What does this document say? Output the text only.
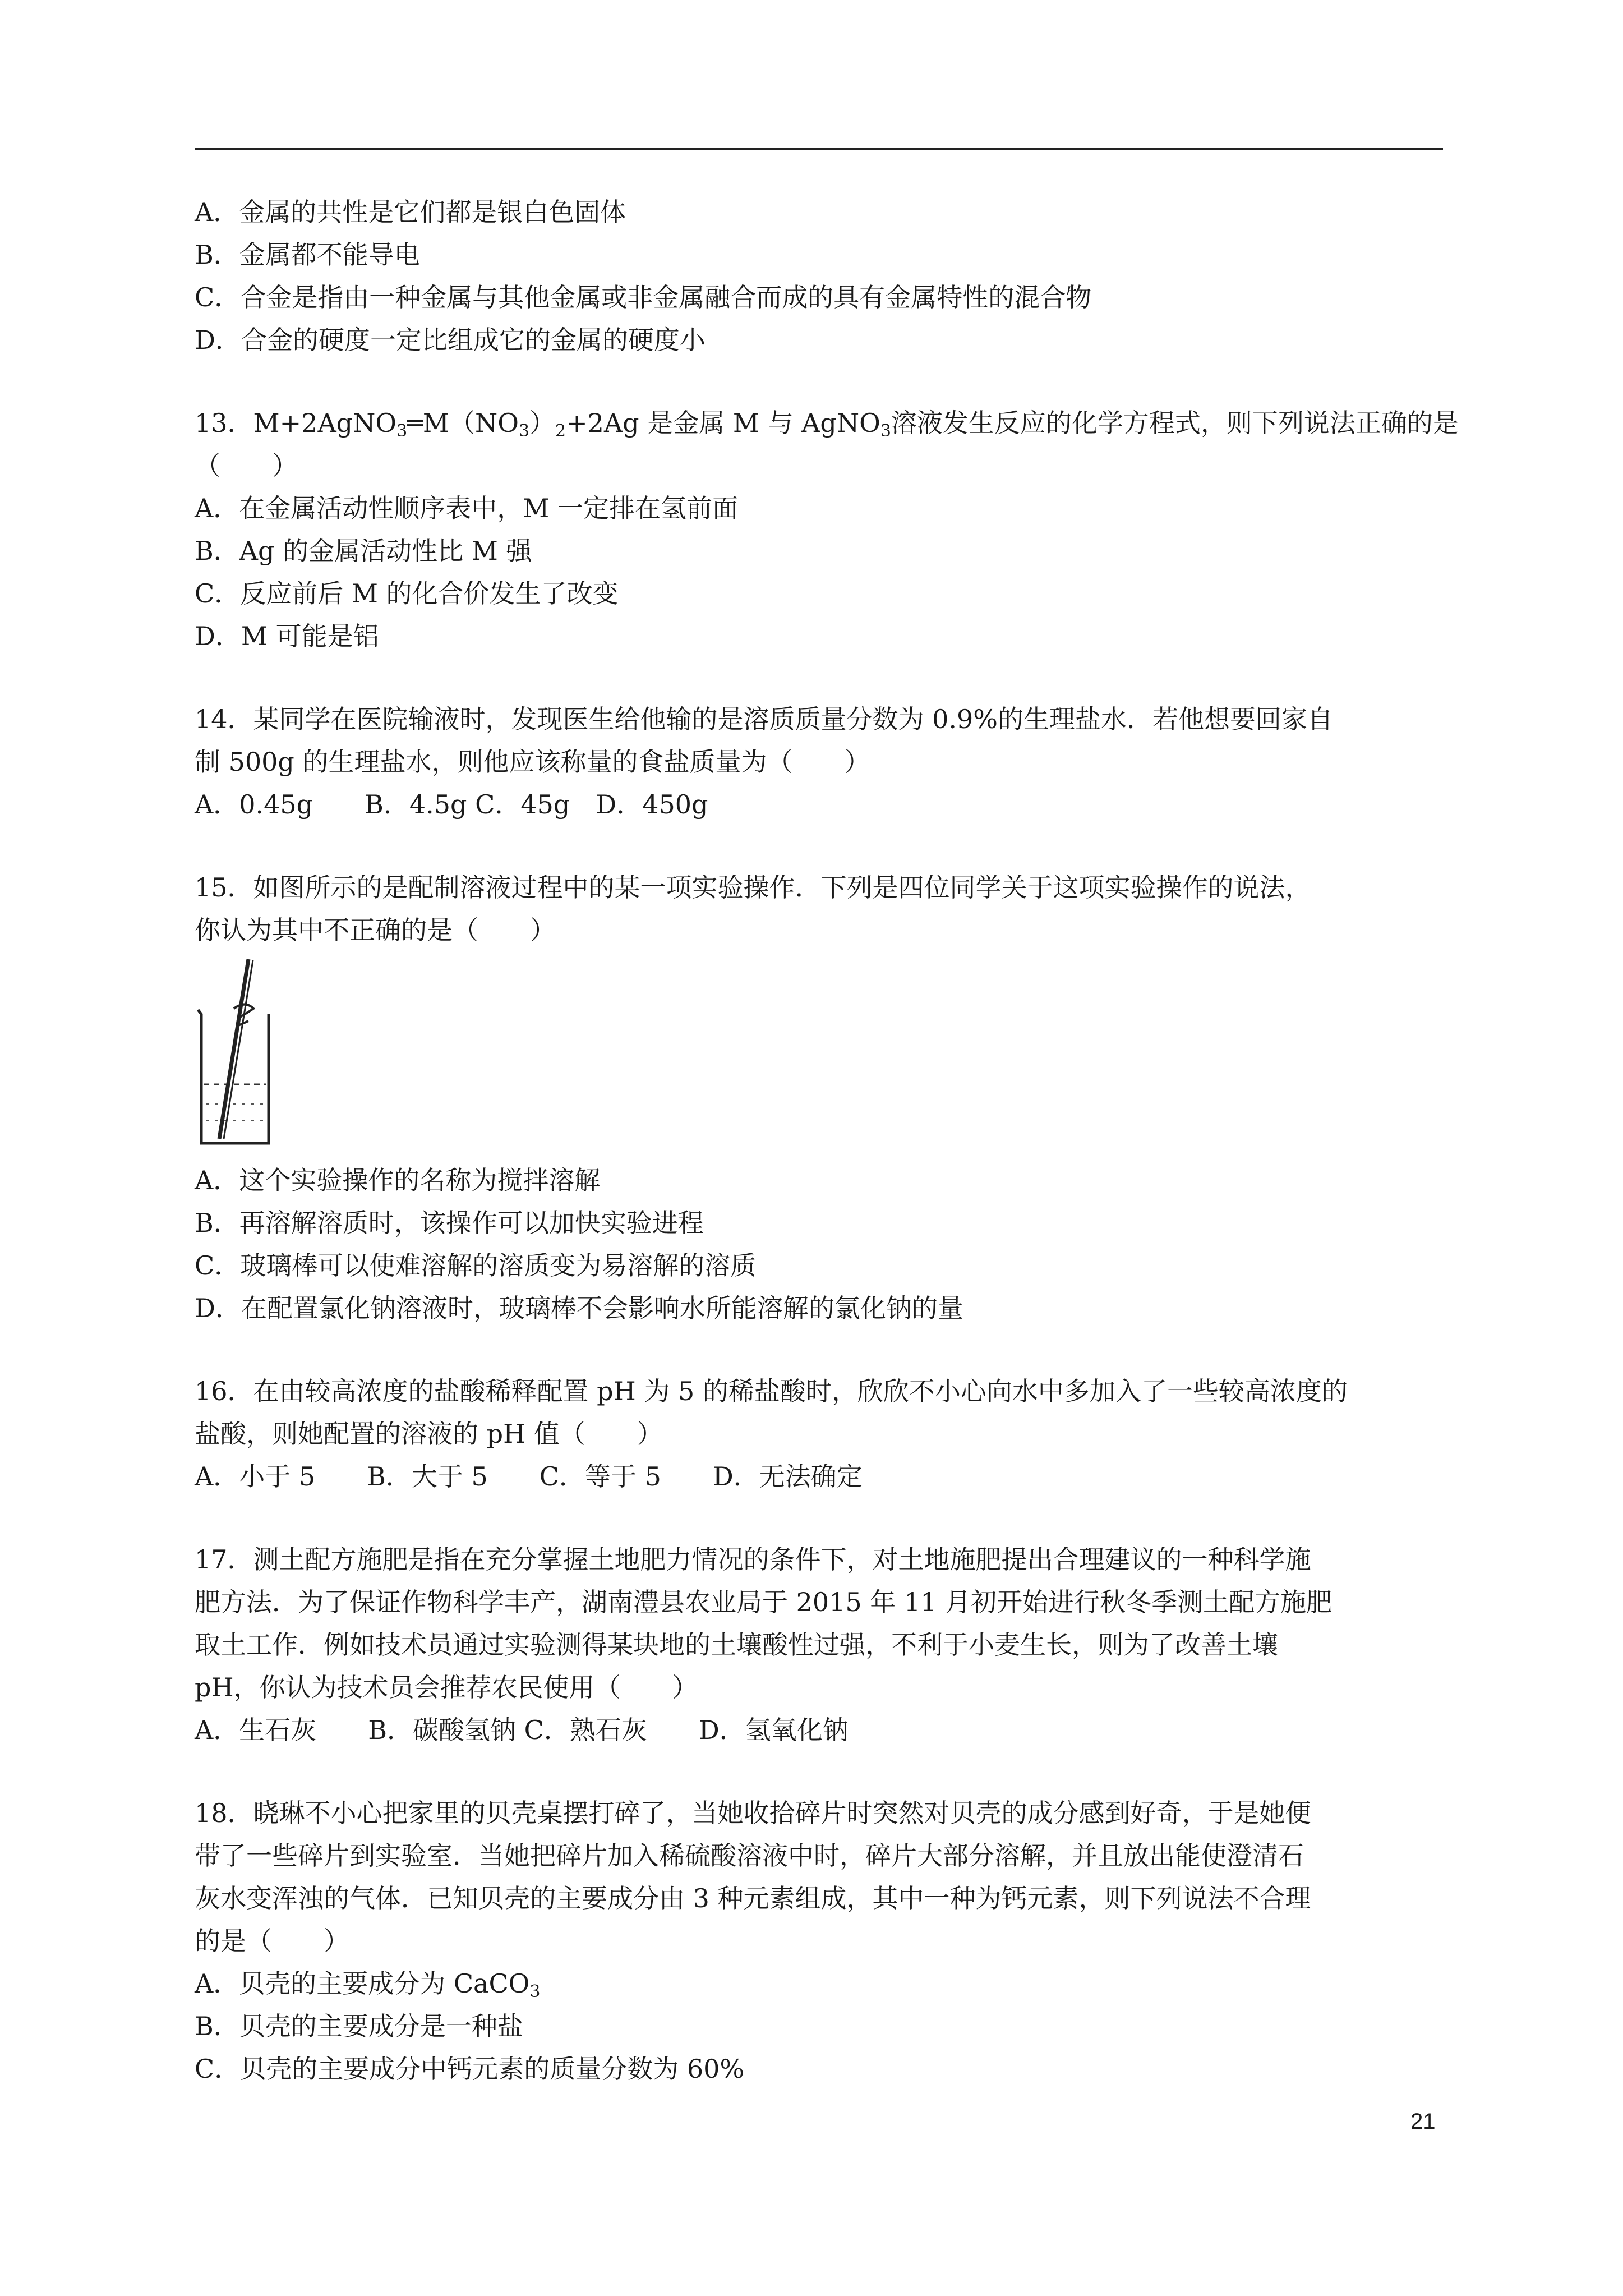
A．金属的共性是它们都是银白色固体
B．金属都不能导电
C．合金是指由一种金属与其他金属或非金属融合而成的具有金属特性的混合物
D．合金的硬度一定比组成它的金属的硬度小
13．$M+2AgNO_3═M(NO_3)_2+2Ag$ 是金属 M 与 AgNO$_3$溶液发生反应的化学方程式，则下列说法正确的是
（　　）
A．在金属活动性顺序表中，M 一定排在氢前面
B．Ag 的金属活动性比 M 强
C．反应前后 M 的化合价发生了改变
D．M 可能是铝
14．某同学在医院输液时，发现医生给他输的是溶质质量分数为 0.9%的生理盐水．若他想要回家自
制 500g 的生理盐水，则他应该称量的食盐质量为（　　）
A．0.45g　　B．4.5g C．45g　D．450g
15．如图所示的是配制溶液过程中的某一项实验操作．下列是四位同学关于这项实验操作的说法，
你认为其中不正确的是（　　）
A．这个实验操作的名称为搅拌溶解
B．再溶解溶质时，该操作可以加快实验进程
C．玻璃棒可以使难溶解的溶质变为易溶解的溶质
D．在配置氯化钠溶液时，玻璃棒不会影响水所能溶解的氯化钠的量
16．在由较高浓度的盐酸稀释配置 pH 为 5 的稀盐酸时，欣欣不小心向水中多加入了一些较高浓度的
盐酸，则她配置的溶液的 pH 值（　　）
A．小于 5　　B．大于 5　　C．等于 5　　D．无法确定
17．测土配方施肥是指在充分掌握土地肥力情况的条件下，对土地施肥提出合理建议的一种科学施
肥方法．为了保证作物科学丰产，湖南澧县农业局于 2015 年 11 月初开始进行秋冬季测土配方施肥
取土工作．例如技术员通过实验测得某块地的土壤酸性过强，不利于小麦生长，则为了改善土壤
pH，你认为技术员会推荐农民使用（　　）
A．生石灰　　B．碳酸氢钠 C．熟石灰　　D．氢氧化钠
18．晓琳不小心把家里的贝壳桌摆打碎了，当她收拾碎片时突然对贝壳的成分感到好奇，于是她便
带了一些碎片到实验室．当她把碎片加入稀硫酸溶液中时，碎片大部分溶解，并且放出能使澄清石
灰水变浑浊的气体．已知贝壳的主要成分由 3 种元素组成，其中一种为钙元素，则下列说法不合理
的是（　　）
A．贝壳的主要成分为 CaCO$_3$
B．贝壳的主要成分是一种盐
C．贝壳的主要成分中钙元素的质量分数为 60%
21
